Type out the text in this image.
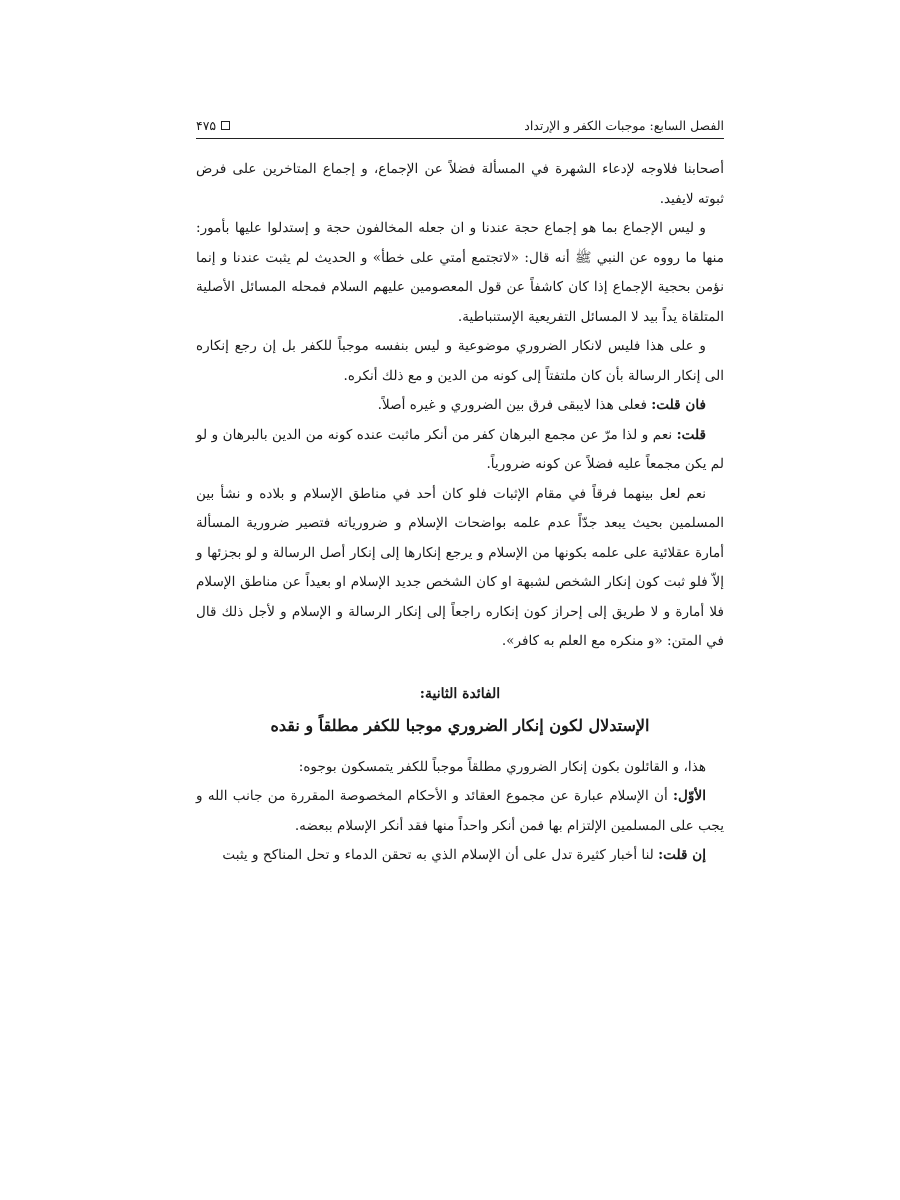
الفصل السابع: موجبات الكفر و الإرتداد
۴۷۵

أصحابنا فلاوجه لإدعاء الشهرة في المسألة فضلاً عن الإجماع، و إجماع المتاخرين على فرض ثبوته لايفيد.

و ليس الإجماع بما هو إجماع حجة عندنا و ان جعله المخالفون حجة و إستدلوا عليها بأمور: منها ما رووه عن النبي ﷺ أنه قال: «لاتجتمع أمتي على خطأ» و الحديث لم يثبت عندنا و إنما نؤمن بحجية الإجماع إذا كان كاشفاً عن قول المعصومين عليهم السلام فمحله المسائل الأصلية المتلقاة يداً بيد لا المسائل التفريعية الإستنباطية.

و على هذا فليس لانكار الضروري موضوعية و ليس بنفسه موجباً للكفر بل إن رجع إنكاره الى إنكار الرسالة بأن كان ملتفتاً إلى كونه من الدين و مع ذلك أنكره.

فان قلت: فعلى هذا لايبقى فرق بين الضروري و غيره أصلاً.

قلت: نعم و لذا مرّ عن مجمع البرهان كفر من أنكر ماثبت عنده كونه من الدين بالبرهان و لو لم يكن مجمعاً عليه فضلاً عن كونه ضرورياً.

نعم لعل بينهما فرقاً في مقام الإثبات فلو كان أحد في مناطق الإسلام و بلاده و نشأ بين المسلمين بحيث يبعد جدّاً عدم علمه بواضحات الإسلام و ضرورياته فتصير ضرورية المسألة أمارة عقلائية على علمه بكونها من الإسلام و يرجع إنكارها إلى إنكار أصل الرسالة و لو بجزئها و إلاّ فلو ثبت كون إنكار الشخص لشبهة او كان الشخص جديد الإسلام او بعيداً عن مناطق الإسلام فلا أمارة و لا طريق إلى إحراز كون إنكاره راجعاً إلى إنكار الرسالة و الإسلام و لأجل ذلك قال في المتن: «و منكره مع العلم به كافر».

الفائدة الثانية:
الإستدلال لكون إنكار الضروري موجبا للكفر مطلقاً و نقده

هذا، و القائلون بكون إنكار الضروري مطلقاً موجباً للكفر يتمسكون بوجوه:

الأوّل: أن الإسلام عبارة عن مجموع العقائد و الأحكام المخصوصة المقررة من جانب الله و يجب على المسلمين الإلتزام بها فمن أنكر واحداً منها فقد أنكر الإسلام ببعضه.

إن قلت: لنا أخبار كثيرة تدل على أن الإسلام الذي به تحقن الدماء و تحل المناكح و يثبت
